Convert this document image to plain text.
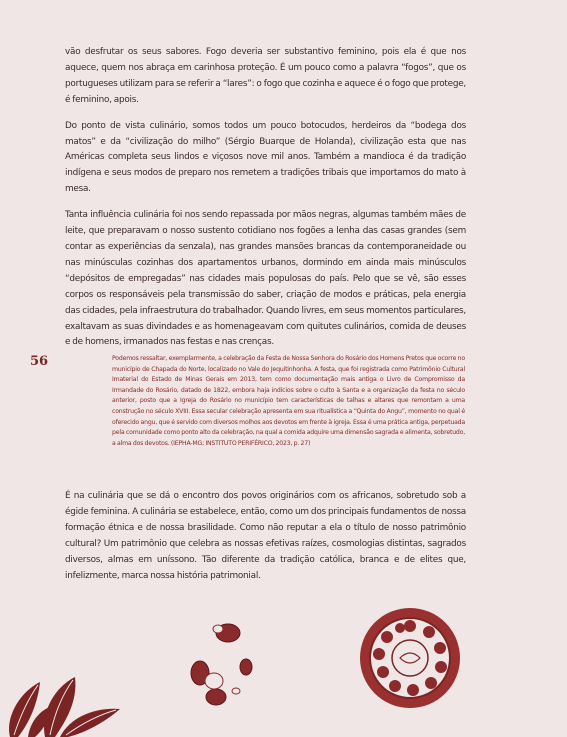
vão desfrutar os seus sabores. Fogo deveria ser substantivo feminino, pois ela é que nos aquece, quem nos abraça em carinhosa proteção. É um pouco como a palavra “fogos”, que os portugueses utilizam para se referir a “lares”: o fogo que cozinha e aquece é o fogo que protege, é feminino, apois.

Do ponto de vista culinário, somos todos um pouco botocudos, herdeiros da “bodega dos matos” e da “civilização do milho” (Sérgio Buarque de Holanda), civilização esta que nas Américas completa seus lindos e viçosos nove mil anos. Também a mandioca é da tradição indígena e seus modos de preparo nos remetem a tradições tribais que importamos do mato à mesa.

Tanta influência culinária foi nos sendo repassada por mãos negras, algumas também mães de leite, que preparavam o nosso sustento cotidiano nos fogões a lenha das casas grandes (sem contar as experiências da senzala), nas grandes mansões brancas da contemporaneidade ou nas minúsculas cozinhas dos apartamentos urbanos, dormindo em ainda mais minúsculos “depósitos de empregadas” nas cidades mais populosas do país. Pelo que se vê, são esses corpos os responsáveis pela transmissão do saber, criação de modos e práticas, pela energia das cidades, pela infraestrutura do trabalhador. Quando livres, em seus momentos particulares, exaltavam as suas divindades e as homenageavam com quitutes culinários, comida de deuses e de homens, irmanados nas festas e nas crenças.

56	Podemos ressaltar, exemplarmente, a celebração da Festa de Nossa Senhora do Rosário dos Homens Pretos que ocorre no município de Chapada do Norte, localizado no Vale do Jequitinhonha. A festa, que foi registrada como Patrimônio Cultural Imaterial do Estado de Minas Gerais em 2013, tem como documentação mais antiga o Livro de Compromisso da Irmandade do Rosário, datado de 1822, embora haja indícios sobre o culto à Santa e a organização da festa no século anterior, posto que a Igreja do Rosário no município tem características de talhas e altares que remontam a uma construção no século XVIII. Essa secular celebração apresenta em sua ritualística a “Quinta do Angu”, momento no qual é oferecido angu, que é servido com diversos molhos aos devotos em frente à igreja. Essa é uma prática antiga, perpetuada pela comunidade como ponto alto da celebração, na qual a comida adquire uma dimensão sagrada e alimenta, sobretudo, a alma dos devotos. (IEPHA-MG; INSTITUTO PERIFÉRICO, 2023, p. 27)

É na culinária que se dá o encontro dos povos originários com os africanos, sobretudo sob a égide feminina. A culinária se estabelece, então, como um dos principais fundamentos de nossa formação étnica e de nossa brasilidade. Como não reputar a ela o título de nosso patrimônio cultural? Um patrimônio que celebra as nossas efetivas raízes, cosmologias distintas, sagrados diversos, almas em uníssono. Tão diferente da tradição católica, branca e de elites que, infelizmente, marca nossa história patrimonial.
